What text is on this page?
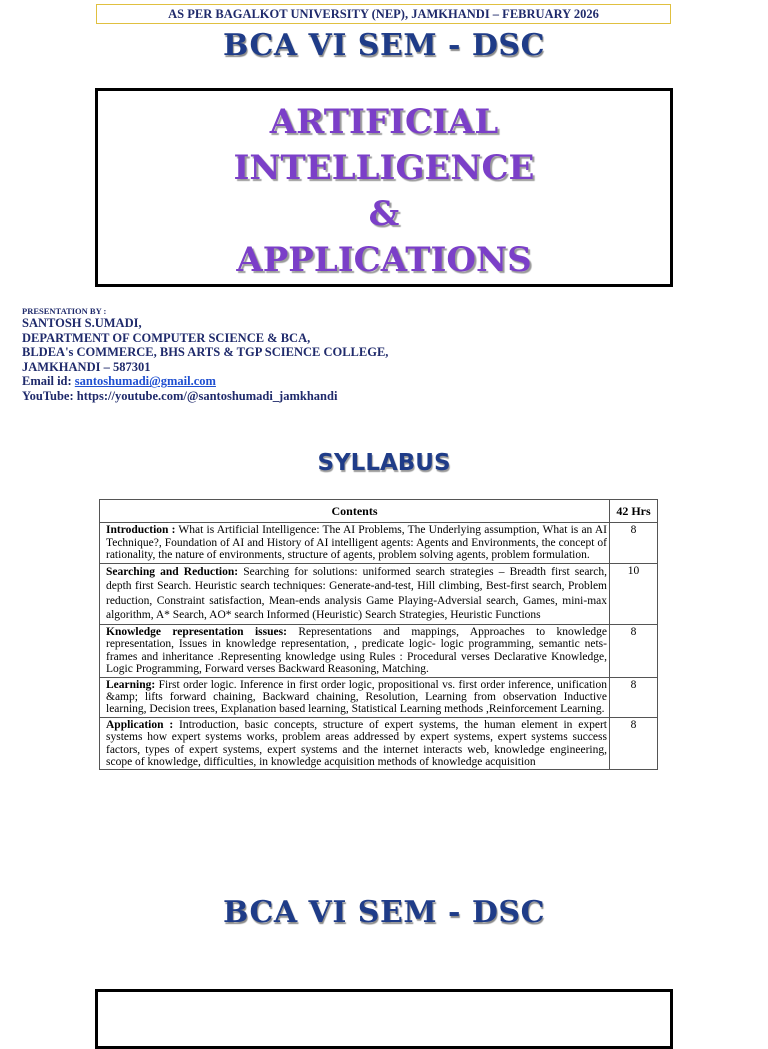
AS PER BAGALKOT UNIVERSITY (NEP), JAMKHANDI – FEBRUARY 2026
BCA VI SEM - DSC
ARTIFICIAL
INTELLIGENCE
&
APPLICATIONS
PRESENTATION BY :
SANTOSH S.UMADI,
DEPARTMENT OF COMPUTER SCIENCE & BCA,
BLDEA's COMMERCE, BHS ARTS & TGP SCIENCE COLLEGE,
JAMKHANDI – 587301
Email id: santoshumadi@gmail.com
YouTube: https://youtube.com/@santoshumadi_jamkhandi
SYLLABUS
Contents	42 Hrs
Introduction : What is Artificial Intelligence: The AI Problems, The Underlying assumption, What is an AI Technique?, Foundation of AI and History of AI intelligent agents: Agents and Environments, the concept of rationality, the nature of environments, structure of agents, problem solving agents, problem formulation.	8
Searching and Reduction: Searching for solutions: uniformed search strategies – Breadth first search, depth first Search. Heuristic search techniques: Generate-and-test, Hill climbing, Best-first search, Problem reduction, Constraint satisfaction, Mean-ends analysis Game Playing-Adversial search, Games, mini-max algorithm, A* Search, AO* search Informed (Heuristic) Search Strategies, Heuristic Functions	10
Knowledge representation issues: Representations and mappings, Approaches to knowledge representation, Issues in knowledge representation, , predicate logic- logic programming, semantic nets- frames and inheritance .Representing knowledge using Rules : Procedural verses Declarative Knowledge, Logic Programming, Forward verses Backward Reasoning, Matching.	8
Learning: First order logic. Inference in first order logic, propositional vs. first order inference, unification &amp; lifts forward chaining, Backward chaining, Resolution, Learning from observation Inductive learning, Decision trees, Explanation based learning, Statistical Learning methods ,Reinforcement Learning.	8
Application : Introduction, basic concepts, structure of expert systems, the human element in expert systems how expert systems works, problem areas addressed by expert systems, expert systems success factors, types of expert systems, expert systems and the internet interacts web, knowledge engineering, scope of knowledge, difficulties, in knowledge acquisition methods of knowledge acquisition	8
BCA VI SEM - DSC
